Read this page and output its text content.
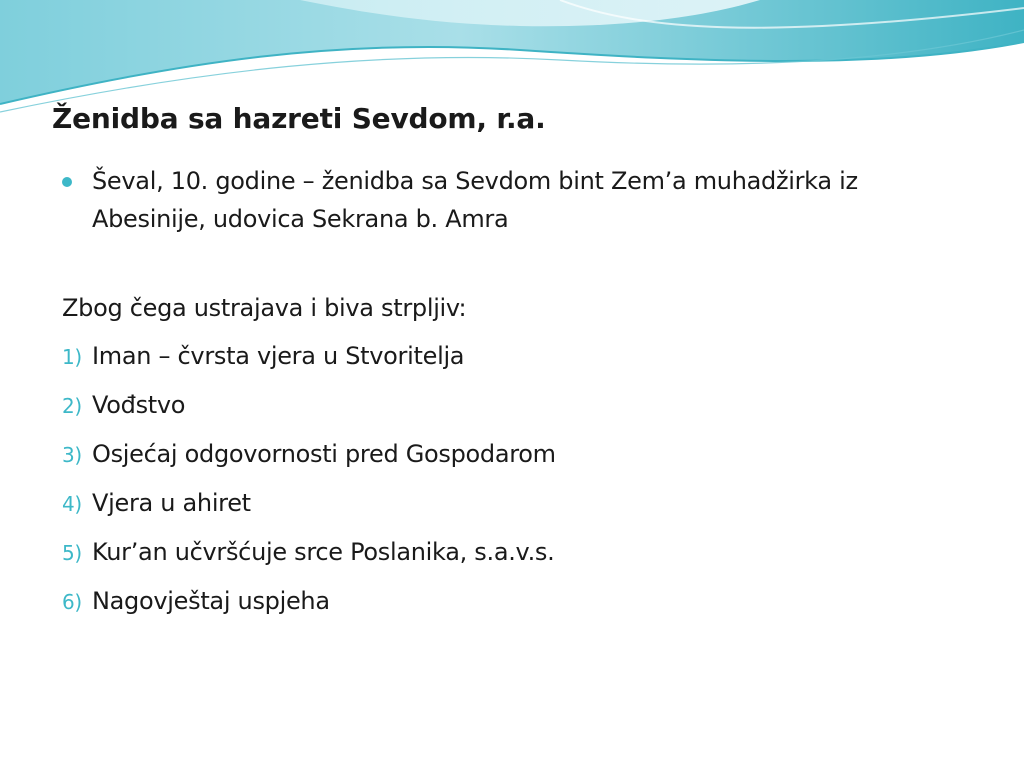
Ženidba sa hazreti Sevdom, r.a.
Ševal, 10. godine – ženidba sa Sevdom bint Zem’a muhadžirka iz Abesinije, udovica Sekrana b. Amra
Zbog čega ustrajava i biva strpljiv:
1) Iman – čvrsta vjera u Stvoritelja
2) Vođstvo
3) Osjećaj odgovornosti pred Gospodarom
4) Vjera u ahiret
5) Kur’an učvršćuje srce Poslanika, s.a.v.s.
6) Nagovještaj uspjeha
